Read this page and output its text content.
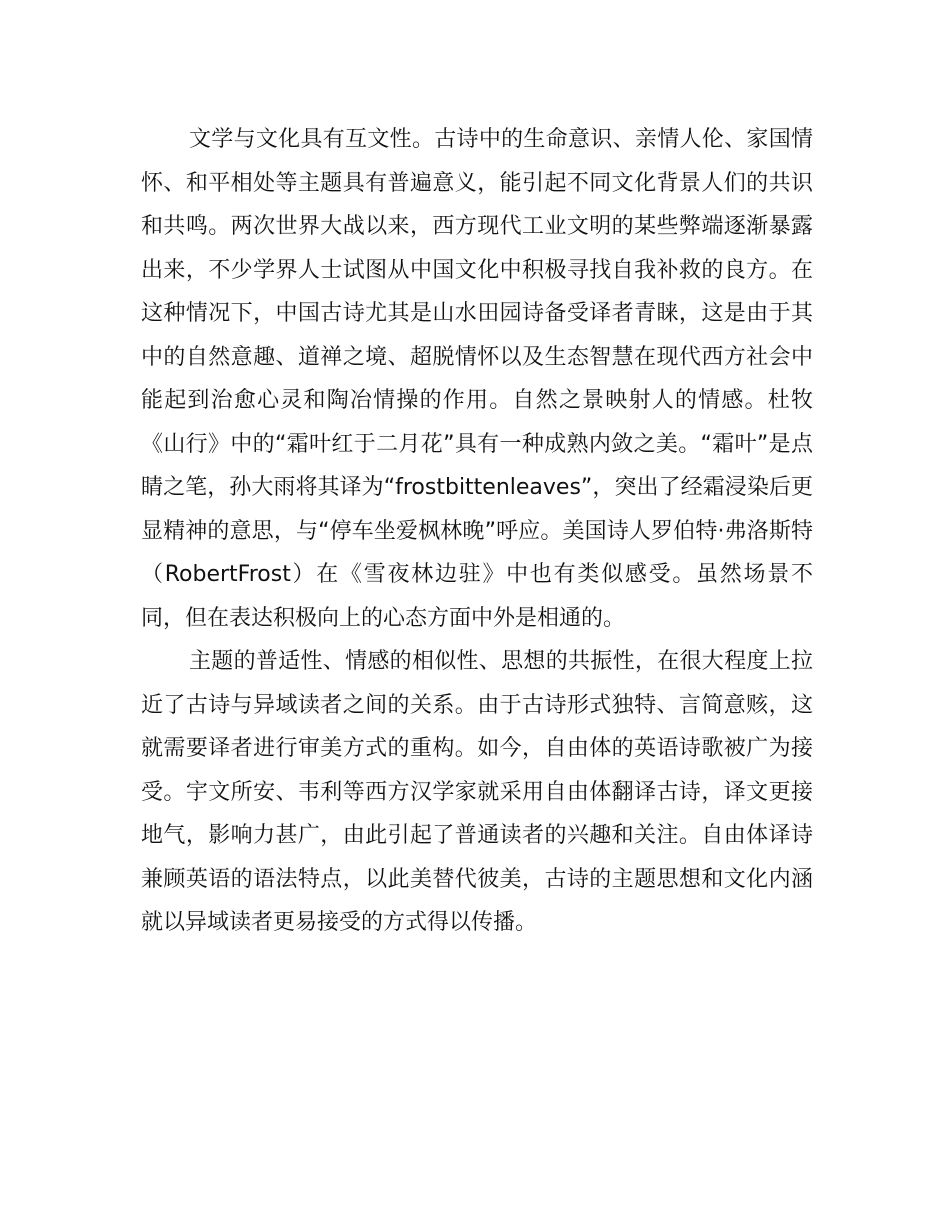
文学与文化具有互文性。古诗中的生命意识、亲情人伦、家国情怀、和平相处等主题具有普遍意义，能引起不同文化背景人们的共识和共鸣。两次世界大战以来，西方现代工业文明的某些弊端逐渐暴露出来，不少学界人士试图从中国文化中积极寻找自我补救的良方。在这种情况下，中国古诗尤其是山水田园诗备受译者青睐，这是由于其中的自然意趣、道禅之境、超脱情怀以及生态智慧在现代西方社会中能起到治愈心灵和陶冶情操的作用。自然之景映射人的情感。杜牧《山行》中的“霜叶红于二月花”具有一种成熟内敛之美。“霜叶”是点睛之笔，孙大雨将其译为“frostbittenleaves”，突出了经霜浸染后更显精神的意思，与“停车坐爱枫林晚”呼应。美国诗人罗伯特·弗洛斯特（RobertFrost）在《雪夜林边驻》中也有类似感受。虽然场景不同，但在表达积极向上的心态方面中外是相通的。

主题的普适性、情感的相似性、思想的共振性，在很大程度上拉近了古诗与异域读者之间的关系。由于古诗形式独特、言简意赅，这就需要译者进行审美方式的重构。如今，自由体的英语诗歌被广为接受。宇文所安、韦利等西方汉学家就采用自由体翻译古诗，译文更接地气，影响力甚广，由此引起了普通读者的兴趣和关注。自由体译诗兼顾英语的语法特点，以此美替代彼美，古诗的主题思想和文化内涵就以异域读者更易接受的方式得以传播。
